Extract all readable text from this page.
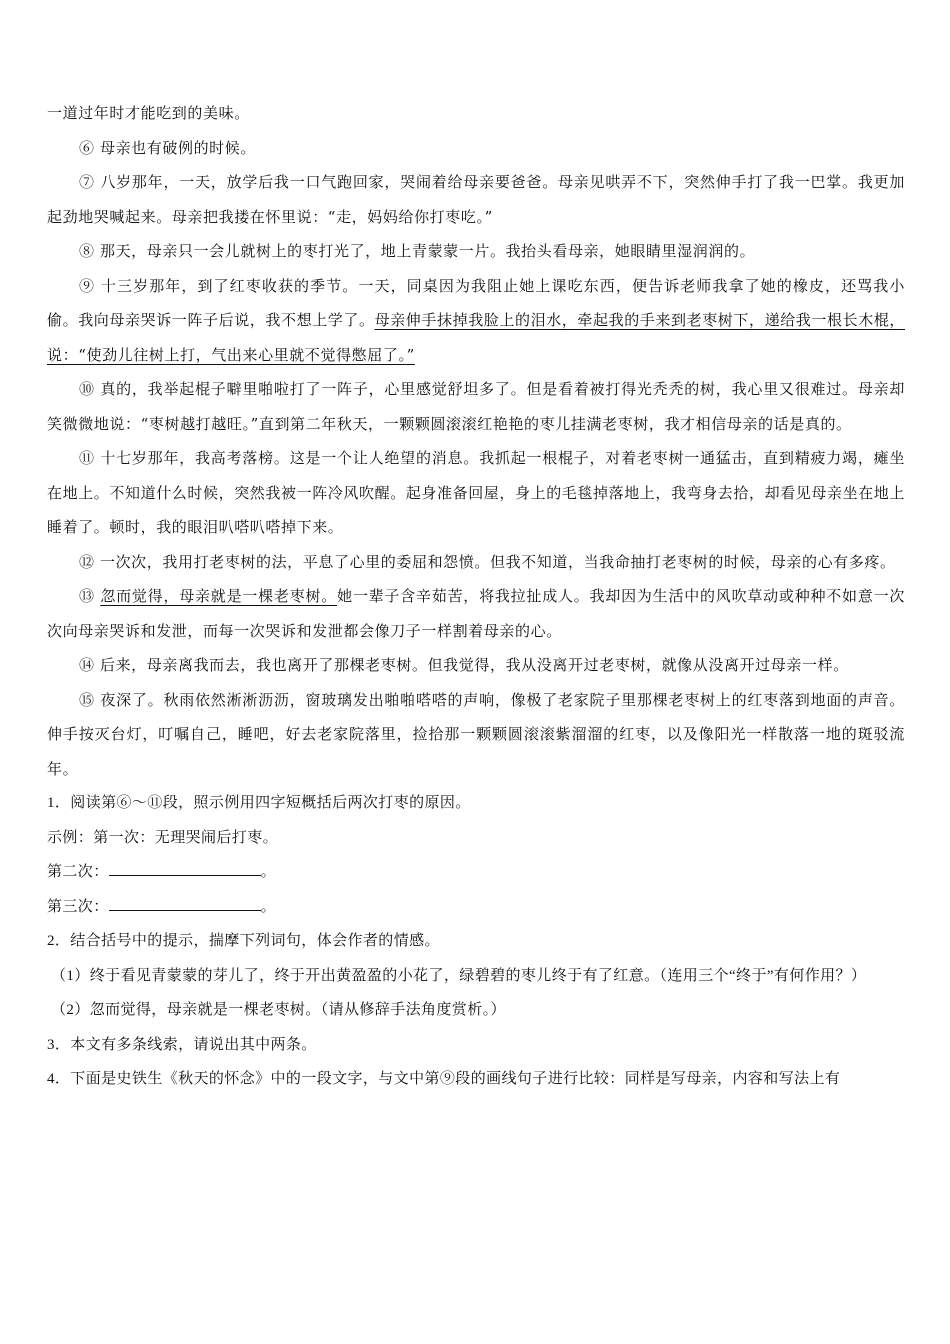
一道过年时才能吃到的美味。

⑥ 母亲也有破例的时候。

⑦ 八岁那年，一天，放学后我一口气跑回家，哭闹着给母亲要爸爸。母亲见哄弄不下，突然伸手打了我一巴掌。我更加起劲地哭喊起来。母亲把我搂在怀里说：“走，妈妈给你打枣吃。”

⑧ 那天，母亲只一会儿就树上的枣打光了，地上青蒙蒙一片。我抬头看母亲，她眼睛里湿润润的。

⑨ 十三岁那年，到了红枣收获的季节。一天，同桌因为我阻止她上课吃东西，便告诉老师我拿了她的橡皮，还骂我小偷。我向母亲哭诉一阵子后说，我不想上学了。母亲伸手抹掉我脸上的泪水，牵起我的手来到老枣树下，递给我一根长木棍，说：“使劲儿往树上打，气出来心里就不觉得憋屈了。”

⑩ 真的，我举起棍子噼里啪啦打了一阵子，心里感觉舒坦多了。但是看着被打得光秃秃的树，我心里又很难过。母亲却笑微微地说：“枣树越打越旺。”直到第二年秋天，一颗颗圆滚滚红艳艳的枣儿挂满老枣树，我才相信母亲的话是真的。

⑪ 十七岁那年，我高考落榜。这是一个让人绝望的消息。我抓起一根棍子，对着老枣树一通猛击，直到精疲力竭，瘫坐在地上。不知道什么时候，突然我被一阵冷风吹醒。起身准备回屋，身上的毛毯掉落地上，我弯身去拾，却看见母亲坐在地上睡着了。顿时，我的眼泪叭嗒叭嗒掉下来。

⑫ 一次次，我用打老枣树的法，平息了心里的委屈和怨愤。但我不知道，当我命抽打老枣树的时候，母亲的心有多疼。

⑬ 忽而觉得，母亲就是一棵老枣树。她一辈子含辛茹苦，将我拉扯成人。我却因为生活中的风吹草动或种种不如意一次次向母亲哭诉和发泄，而每一次哭诉和发泄都会像刀子一样割着母亲的心。

⑭ 后来，母亲离我而去，我也离开了那棵老枣树。但我觉得，我从没离开过老枣树，就像从没离开过母亲一样。

⑮ 夜深了。秋雨依然淅淅沥沥，窗玻璃发出啪啪嗒嗒的声响，像极了老家院子里那棵老枣树上的红枣落到地面的声音。伸手按灭台灯，叮嘱自己，睡吧，好去老家院落里，捡拾那一颗颗圆滚滚紫溜溜的红枣，以及像阳光一样散落一地的斑驳流年。

1．阅读第⑥～⑪段，照示例用四字短概括后两次打枣的原因。

示例：第一次：无理哭闹后打枣。

第二次：	。

第三次：	。

2．结合括号中的提示，揣摩下列词句，体会作者的情感。

（1）终于看见青蒙蒙的芽儿了，终于开出黄盈盈的小花了，绿碧碧的枣儿终于有了红意。（连用三个“终于”有何作用？）

（2）忽而觉得，母亲就是一棵老枣树。（请从修辞手法角度赏析。）

3．本文有多条线索，请说出其中两条。

4．下面是史铁生《秋天的怀念》中的一段文字，与文中第⑨段的画线句子进行比较：同样是写母亲，内容和写法上有
